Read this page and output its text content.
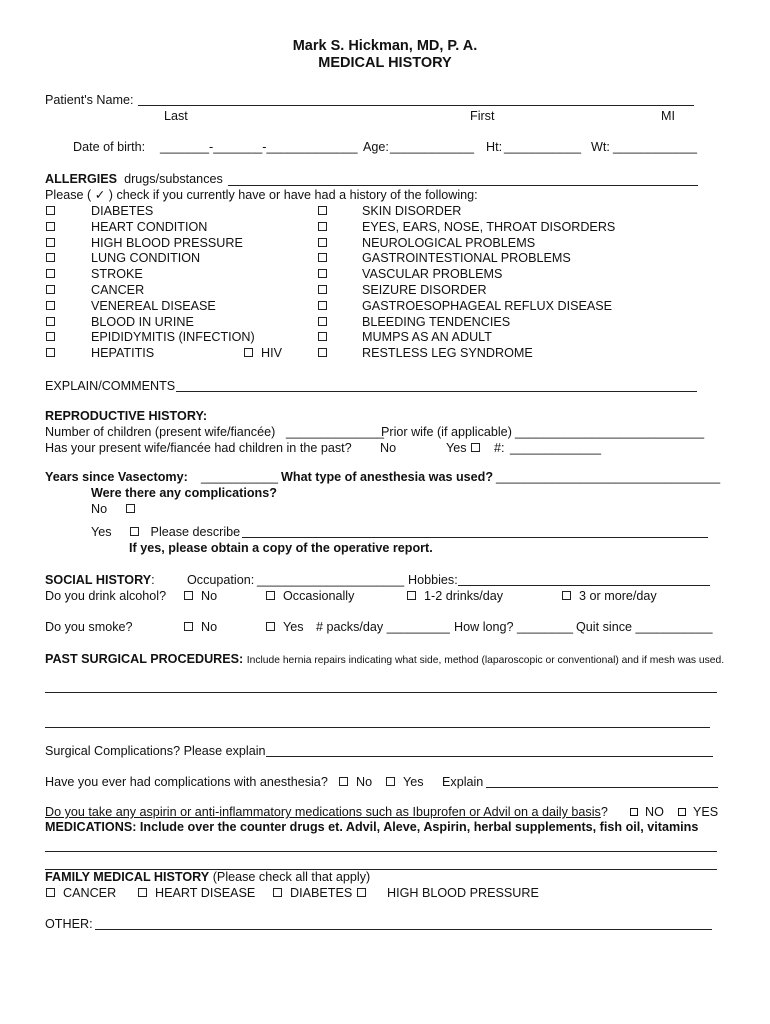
Mark S. Hickman, MD, P. A.
MEDICAL HISTORY
Patient's Name:
Last	First	MI
Date of birth: _______-_______-_____________ Age: ____________ Ht: ___________ Wt: ____________
ALLERGIES drugs/substances
Please ( ✓ ) check if you currently have or have had a history of the following:
DIABETES
HEART CONDITION
HIGH BLOOD PRESSURE
LUNG CONDITION
STROKE
CANCER
VENEREAL DISEASE
BLOOD IN URINE
EPIDIDYMITIS (INFECTION)
HEPATITIS
SKIN DISORDER
EYES, EARS, NOSE, THROAT DISORDERS
NEUROLOGICAL PROBLEMS
GASTROINTESTIONAL PROBLEMS
VASCULAR PROBLEMS
SEIZURE DISORDER
GASTROESOPHAGEAL REFLUX DISEASE
BLEEDING TENDENCIES
MUMPS AS AN ADULT
RESTLESS LEG SYNDROME
HIV
EXPLAIN/COMMENTS
REPRODUCTIVE HISTORY:
Number of children (present wife/fiancée) ______________
Prior wife (if applicable) ___________________________
Has your present wife/fiancée had children in the past? No	Yes	#: _____________
Years since Vasectomy: ___________ What type of anesthesia was used? ________________________________
Were there any complications?
No
Yes	Please describe
If yes, please obtain a copy of the operative report.
SOCIAL HISTORY:	Occupation: _____________________ Hobbies:
Do you drink alcohol?	No	Occasionally	1-2 drinks/day	3 or more/day
Do you smoke?	No	Yes # packs/day _________ How long? ________ Quit since ___________
PAST SURGICAL PROCEDURES: Include hernia repairs indicating what side, method (laparoscopic or conventional) and if mesh was used.
Surgical Complications? Please explain
Have you ever had complications with anesthesia?	No	Yes Explain
Do you take any aspirin or anti-inflammatory medications such as Ibuprofen or Advil on a daily basis?	NO	YES
MEDICATIONS: Include over the counter drugs et. Advil, Aleve, Aspirin, herbal supplements, fish oil, vitamins
FAMILY MEDICAL HISTORY (Please check all that apply)
CANCER	HEART DISEASE	DIABETES	HIGH BLOOD PRESSURE
OTHER:
